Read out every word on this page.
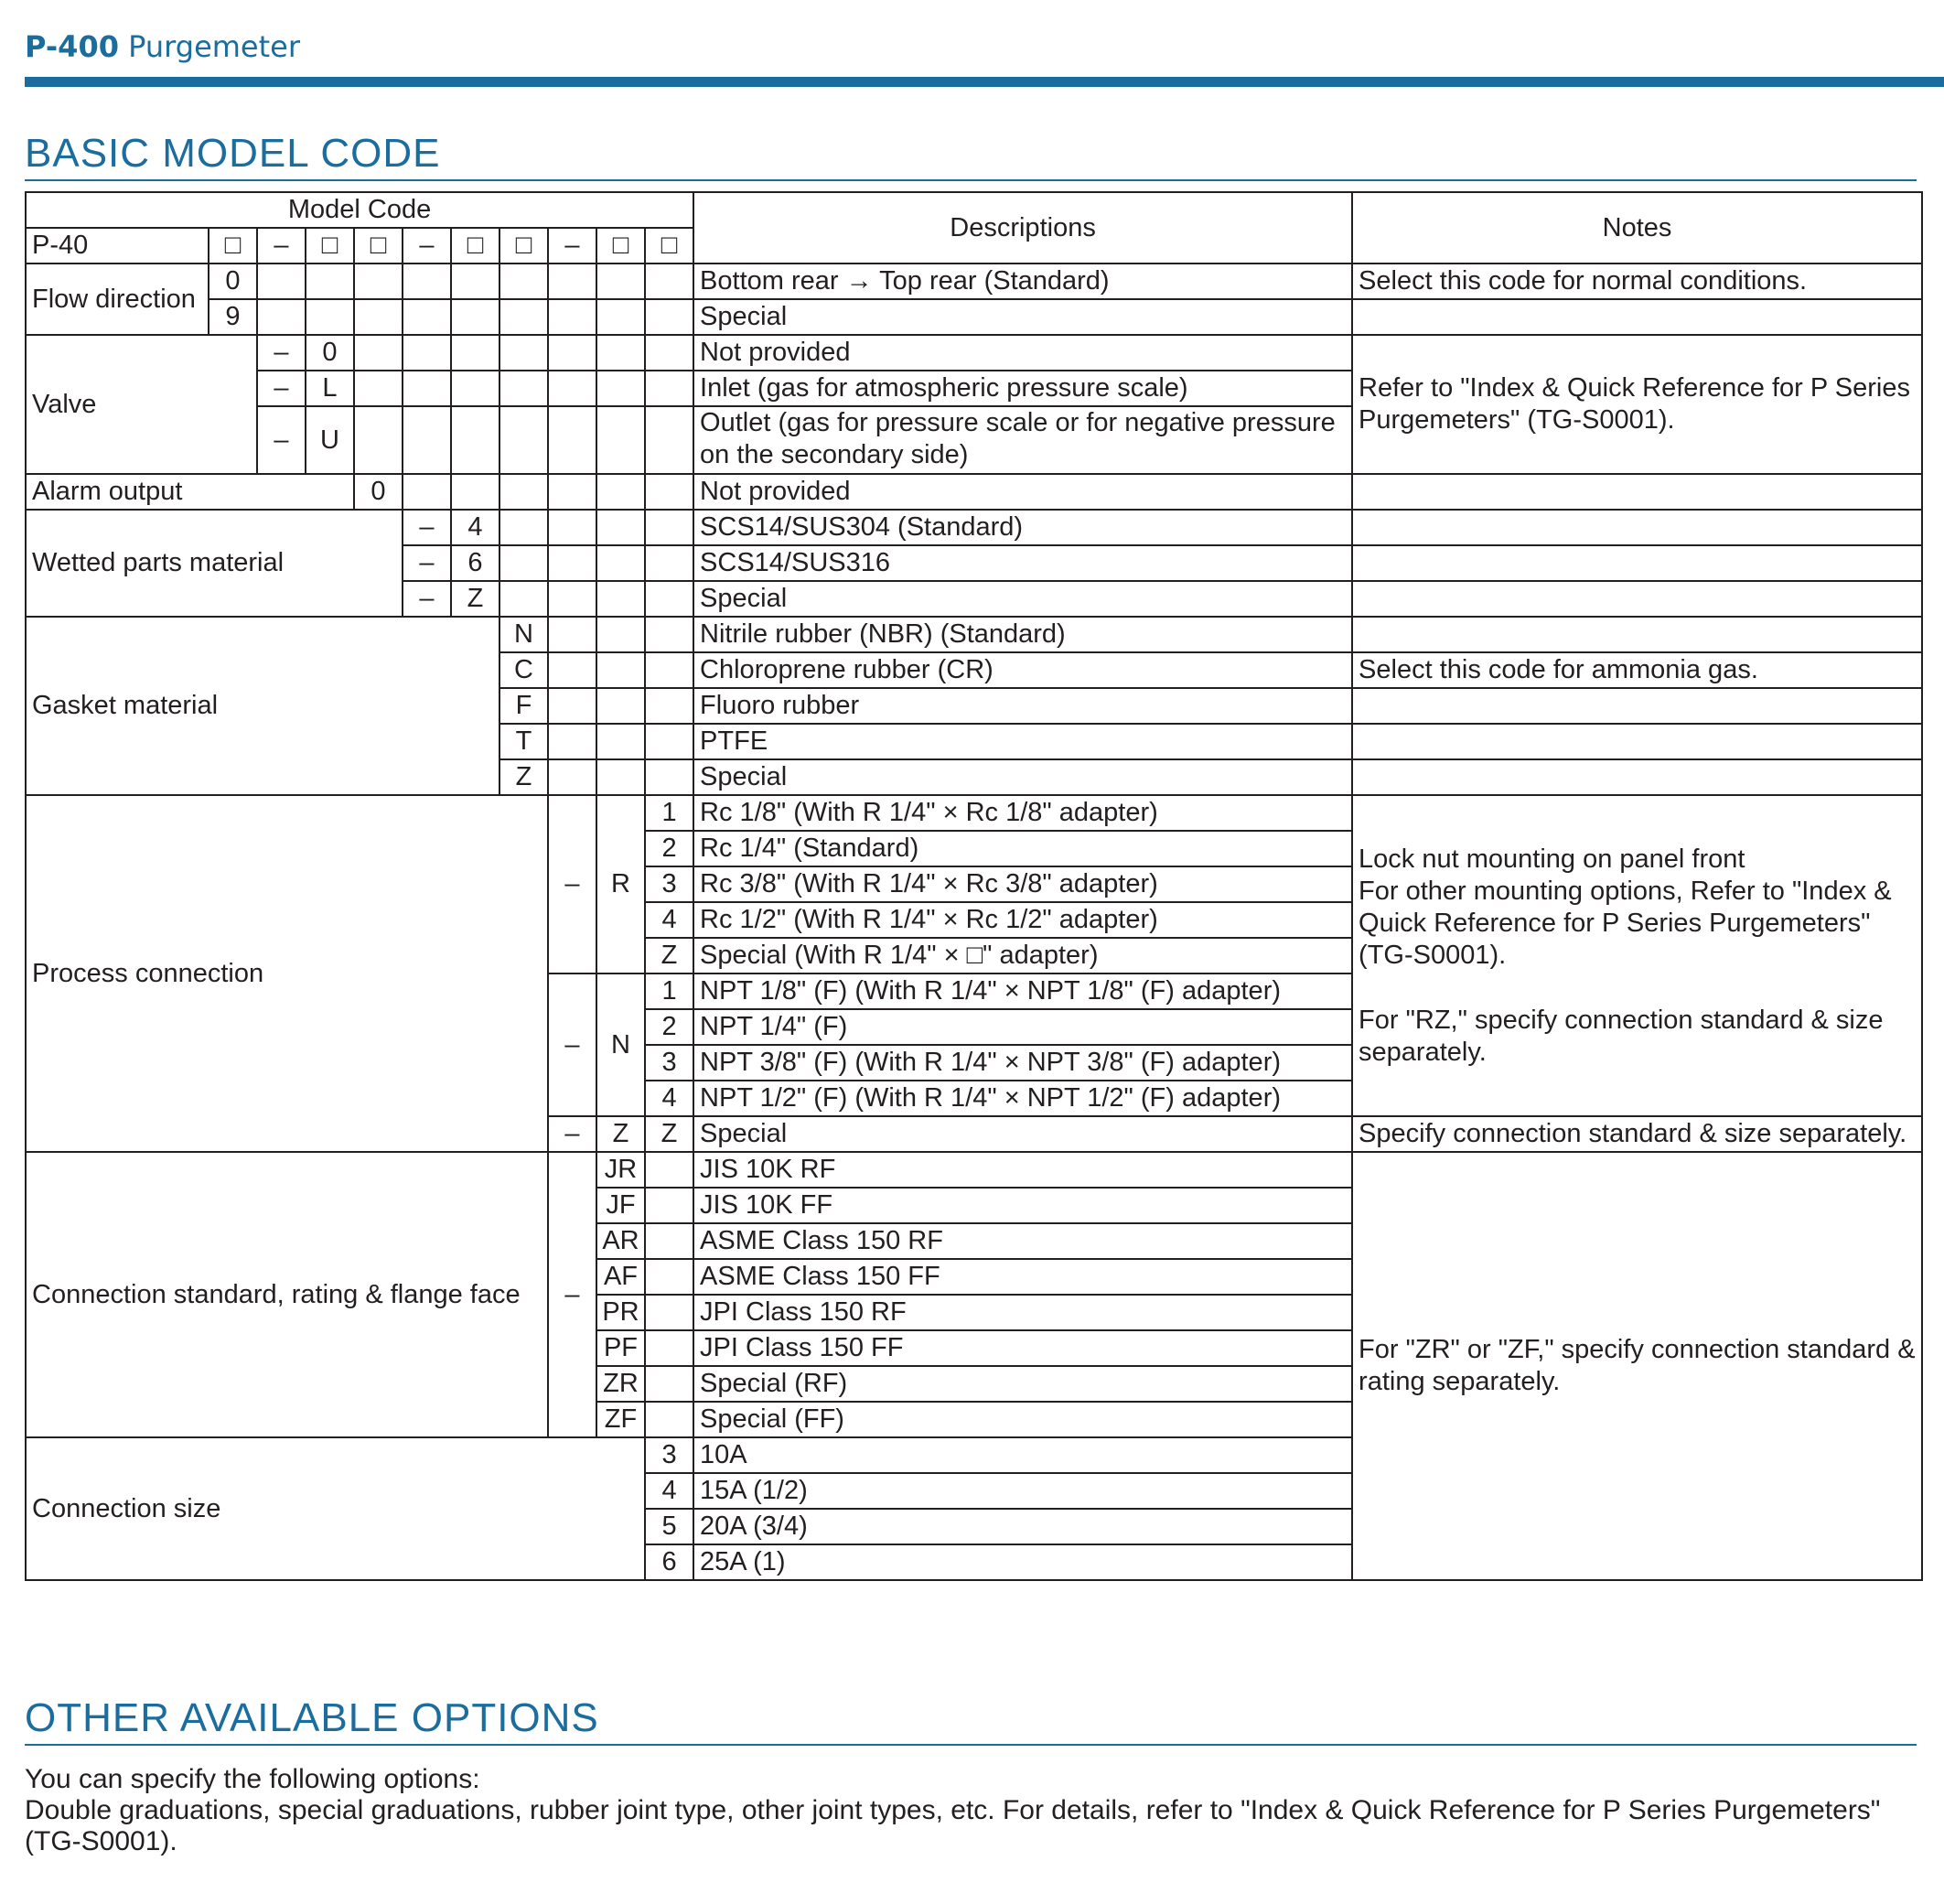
P-400 Purgemeter
BASIC MODEL CODE
Model Code											Descriptions	Notes
P-40	□	–	□	□	–	□	□	–	□	□		
Flow direction	0										Bottom rear → Top rear (Standard)	Select this code for normal conditions.
	9										Special	
Valve		–	0								Not provided	Refer to "Index & Quick Reference for P Series Purgemeters" (TG-S0001).
		–	L								Inlet (gas for atmospheric pressure scale)	
		–	U								Outlet (gas for pressure scale or for negative pressure on the secondary side)	
Alarm output				0							Not provided	
Wetted parts material					–	4					SCS14/SUS304 (Standard)	
					–	6					SCS14/SUS316	
					–	Z					Special	
Gasket material							N				Nitrile rubber (NBR) (Standard)	
							C				Chloroprene rubber (CR)	Select this code for ammonia gas.
							F				Fluoro rubber	
							T				PTFE	
							Z				Special	
Process connection								–	R	1	Rc 1/8" (With R 1/4" × Rc 1/8" adapter)	Lock nut mounting on panel front
For other mounting options, Refer to "Index & Quick Reference for P Series Purgemeters" (TG-S0001).
For "RZ," specify connection standard & size separately.

										2	Rc 1/4" (Standard)	
										3	Rc 3/8" (With R 1/4" × Rc 3/8" adapter)	
										4	Rc 1/2" (With R 1/4" × Rc 1/2" adapter)	
										Z	Special (With R 1/4" × □" adapter)	
								–	N	1	NPT 1/8" (F) (With R 1/4" × NPT 1/8" (F) adapter)	
										2	NPT 1/4" (F)	
										3	NPT 3/8" (F) (With R 1/4" × NPT 3/8" (F) adapter)	
										4	NPT 1/2" (F) (With R 1/4" × NPT 1/2" (F) adapter)	
								–	Z	Z	Special	Specify connection standard & size separately.
Connection standard, rating & flange face								–	JR		JIS 10K RF	For "ZR" or "ZF," specify connection standard & rating separately.
									JF		JIS 10K FF	
									AR		ASME Class 150 RF	
									AF		ASME Class 150 FF	
									PR		JPI Class 150 RF	
									PF		JPI Class 150 FF	
									ZR		Special (RF)	
									ZF		Special (FF)	
Connection size										3	10A	
										4	15A (1/2)	
										5	20A (3/4)	
										6	25A (1)	
OTHER AVAILABLE OPTIONS
You can specify the following options:
Double graduations, special graduations, rubber joint type, other joint types, etc. For details, refer to "Index & Quick Reference for P Series Purgemeters" (TG-S0001).
